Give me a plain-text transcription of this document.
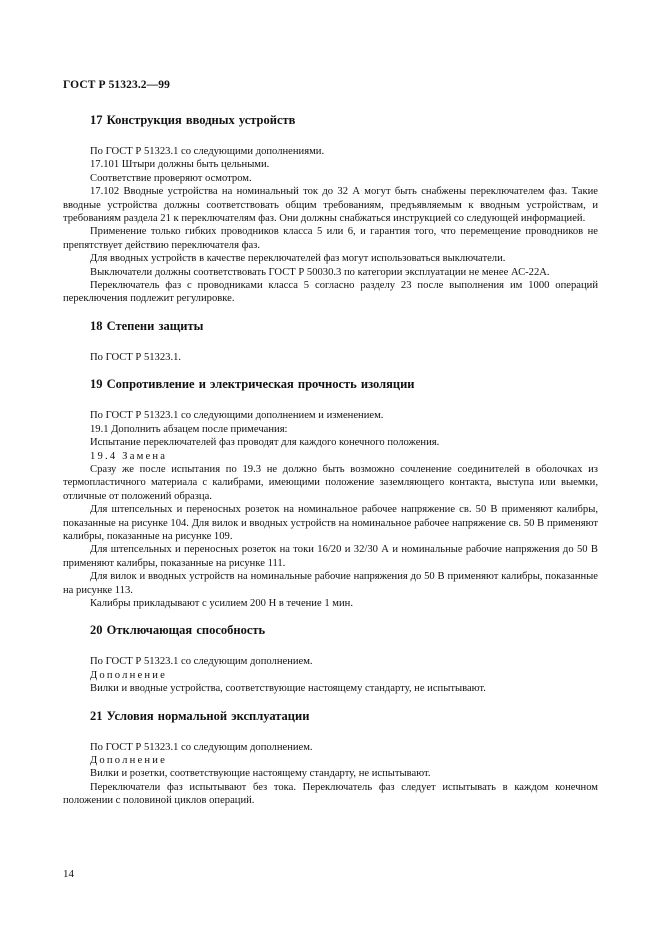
ГОСТ Р 51323.2—99
17 Конструкция вводных устройств

По ГОСТ Р 51323.1 со следующими дополнениями.

17.101 Штыри должны быть цельными.

Соответствие проверяют осмотром.

17.102 Вводные устройства на номинальный ток до 32 А могут быть снабжены переключателем фаз. Такие вводные устройства должны соответствовать общим требованиям, предъявляемым к вводным устройствам, и требованиям раздела 21 к переключателям фаз. Они должны снабжаться инструкцией со следующей информацией.

Применение только гибких проводников класса 5 или 6, и гарантия того, что перемещение проводников не препятствует действию переключателя фаз.

Для вводных устройств в качестве переключателей фаз могут использоваться выключатели.

Выключатели должны соответствовать ГОСТ Р 50030.3 по категории эксплуатации не менее АС-22А.

Переключатель фаз с проводниками класса 5 согласно разделу 23 после выполнения им 1000 операций переключения подлежит регулировке.

18 Степени защиты

По ГОСТ Р 51323.1.

19 Сопротивление и электрическая прочность изоляции

По ГОСТ Р 51323.1 со следующими дополнением и изменением.

19.1 Дополнить абзацем после примечания:

Испытание переключателей фаз проводят для каждого конечного положения.

19.4 Замена

Сразу же после испытания по 19.3 не должно быть возможно сочленение соединителей в оболочках из термопластичного материала с калибрами, имеющими положение заземляющего контакта, выступа или выемки, отличные от положений образца.

Для штепсельных и переносных розеток на номинальное рабочее напряжение св. 50 В применяют калибры, показанные на рисунке 104. Для вилок и вводных устройств на номинальное рабочее напряжение св. 50 В применяют калибры, показанные на рисунке 109.

Для штепсельных и переносных розеток на токи 16/20 и 32/30 А и номинальные рабочие напряжения до 50 В применяют калибры, показанные на рисунке 111.

Для вилок и вводных устройств на номинальные рабочие напряжения до 50 В применяют калибры, показанные на рисунке 113.

Калибры прикладывают с усилием 200 Н в течение 1 мин.

20 Отключающая способность

По ГОСТ Р 51323.1 со следующим дополнением.

Дополнение

Вилки и вводные устройства, соответствующие настоящему стандарту, не испытывают.

21 Условия нормальной эксплуатации

По ГОСТ Р 51323.1 со следующим дополнением.

Дополнение

Вилки и розетки, соответствующие настоящему стандарту, не испытывают.

Переключатели фаз испытывают без тока. Переключатель фаз следует испытывать в каждом конечном положении с половиной циклов операций.

14
